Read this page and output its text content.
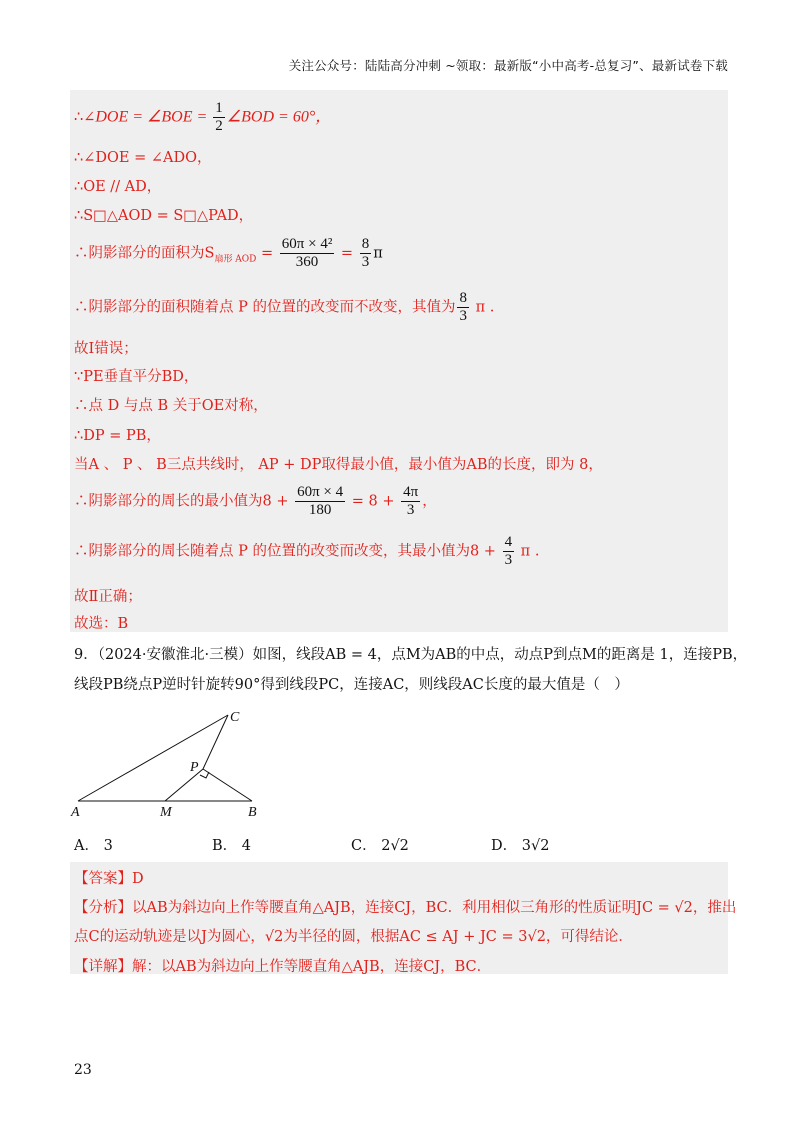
关注公众号：陆陆高分冲刺 ~领取：最新版“小中高考-总复习”、最新试卷下载
∴∠DOE = ∠BOE = $\frac{1}{2}$ ∠BOD = 60°，
∴∠DOE = ∠ADO，
∴OE // AD，
∴S□△AOD = S□△PAD，
∴阴影部分的面积为$S_{扇形 AOD} = \frac{\text{60π × 4²}}{360} = \frac{8}{3}$ π
∴阴影部分的面积随着点 P 的位置的改变而不改变，其值为 $\frac{8}{3}$ π .
故Ⅰ错误；
∵PE垂直平分BD，
∴点 D 与点 B 关于OE对称，
∴DP = PB，
当A 、 P 、 B三点共线时， AP + DP取得最小值，最小值为AB的长度，即为 8，
∴阴影部分的周长的最小值为$8 + \frac{60\pi \times 4}{180} = 8 + \frac{4\pi}{3}$ ，
∴阴影部分的周长随着点 P 的位置的改变而改变，其最小值为$8 + \frac{4}{3}$ π .
故Ⅱ正确；
故选：B
9．（2024·安徽淮北·三模）如图，线段AB = 4，点M为AB的中点，动点P到点M的距离是 1，连接PB，
线段PB绕点P逆时针旋转90°得到线段PC，连接AC，则线段AC长度的最大值是（　）
A	M	B
P
C
A． 3	B． 4	C． 2√2	D． 3√2
【答案】D
【分析】以AB为斜边向上作等腰直角△AJB，连接CJ，BC．利用相似三角形的性质证明JC = √2，推出
点C的运动轨迹是以J为圆心，√2为半径的圆，根据AC ≤ AJ + JC = 3√2，可得结论．
【详解】解：以AB为斜边向上作等腰直角△AJB，连接CJ，BC．
23
